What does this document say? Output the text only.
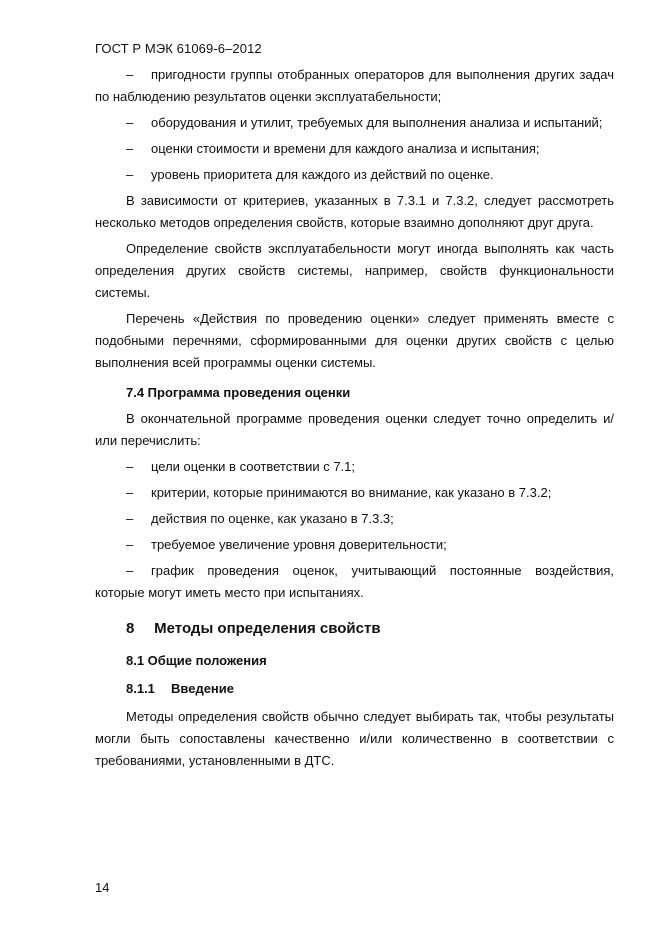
ГОСТ Р МЭК 61069-6–2012
– пригодности группы отобранных операторов для выполнения других задач по наблюдению результатов оценки эксплуатабельности;
– оборудования и утилит, требуемых для выполнения анализа и испытаний;
– оценки стоимости и времени для каждого анализа и испытания;
– уровень приоритета для каждого из действий по оценке.

В зависимости от критериев, указанных в 7.3.1 и 7.3.2, следует рассмотреть несколько методов определения свойств, которые взаимно дополняют друг друга.

Определение свойств эксплуатабельности могут иногда выполнять как часть определения других свойств системы, например, свойств функциональности системы.

Перечень «Действия по проведению оценки» следует применять вместе с подобными перечнями, сформированными для оценки других свойств с целью выполнения всей программы оценки системы.

7.4 Программа проведения оценки

В окончательной программе проведения оценки следует точно определить и/или перечислить:

– цели оценки в соответствии с 7.1;
– критерии, которые принимаются во внимание, как указано в 7.3.2;
– действия по оценке, как указано в 7.3.3;
– требуемое увеличение уровня доверительности;
– график проведения оценок, учитывающий постоянные воздействия, которые могут иметь место при испытаниях.
8 Методы определения свойств
8.1 Общие положения
8.1.1 Введение

Методы определения свойств обычно следует выбирать так, чтобы результаты могли быть сопоставлены качественно и/или количественно в соответствии с требованиями, установленными в ДТС.

14
